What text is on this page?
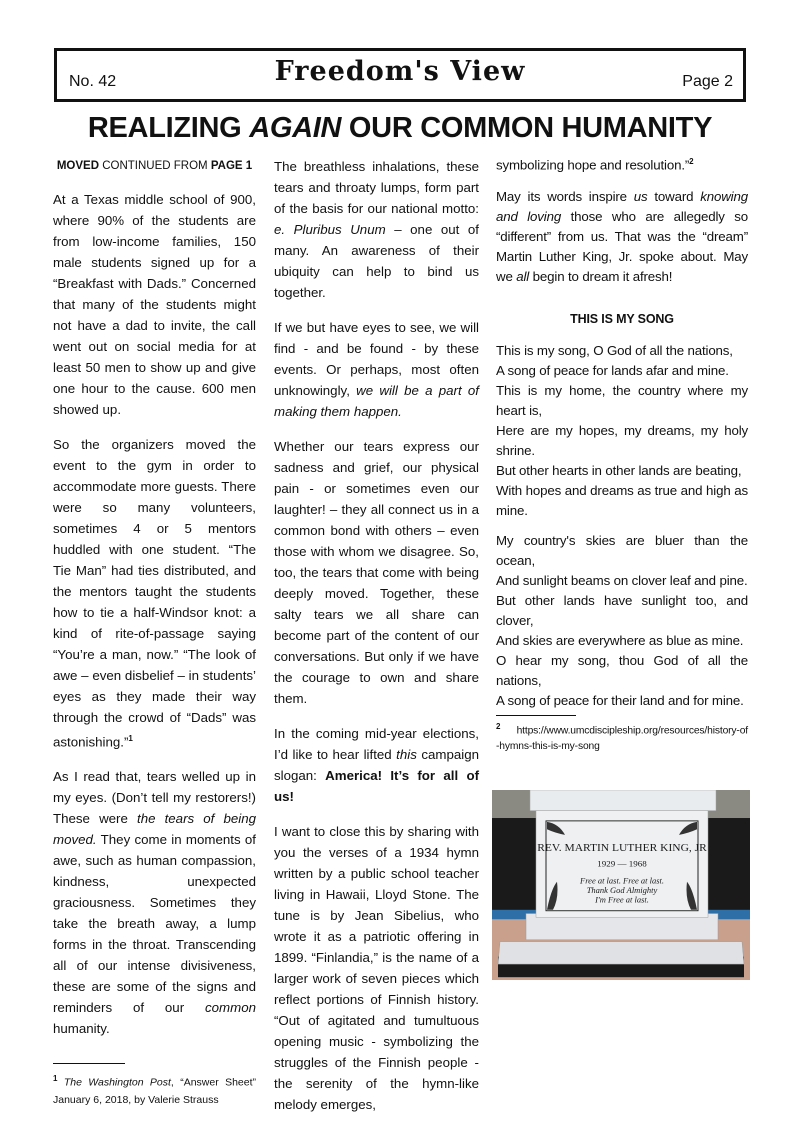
No. 42	Freedom's View	Page 2
REALIZING AGAIN OUR COMMON HUMANITY

MOVED CONTINUED FROM PAGE 1

At a Texas middle school of 900, where 90% of the students are from low-income families, 150 male students signed up for a “Breakfast with Dads.” Concerned that many of the students might not have a dad to invite, the call went out on social media for at least 50 men to show up and give one hour to the cause. 600 men showed up.

So the organizers moved the event to the gym in order to accommodate more guests. There were so many volunteers, sometimes 4 or 5 mentors huddled with one student. “The Tie Man” had ties distributed, and the mentors taught the students how to tie a half-Windsor knot: a kind of rite-of-passage saying “You’re a man, now.” “The look of awe – even disbelief – in students’ eyes as they made their way through the crowd of “Dads” was astonishing.”$^1$

As I read that, tears welled up in my eyes. (Don’t tell my restorers!) These were the tears of being moved. They come in moments of awe, such as human compassion, kindness, unexpected graciousness. Sometimes they take the breath away, a lump forms in the throat. Transcending all of our intense divisiveness, these are some of the signs and reminders of our common humanity.

$^1$ The Washington Post, “Answer Sheet” January 6, 2018, by Valerie Strauss

The breathless inhalations, these tears and throaty lumps, form part of the basis for our national motto: e. Pluribus Unum – one out of many. An awareness of their ubiquity can help to bind us together.

If we but have eyes to see, we will find - and be found - by these events. Or perhaps, most often unknowingly, we will be a part of making them happen.

Whether our tears express our sadness and grief, our physical pain - or sometimes even our laughter! – they all connect us in a common bond with others – even those with whom we disagree. So, too, the tears that come with being deeply moved. Together, these salty tears we all share can become part of the content of our conversations. But only if we have the courage to own and share them.

In the coming mid-year elections, I’d like to hear lifted this campaign slogan: America! It’s for all of us!

I want to close this by sharing with you the verses of a 1934 hymn written by a public school teacher living in Hawaii, Lloyd Stone. The tune is by Jean Sibelius, who wrote it as a patriotic offering in 1899. “Finlandia,” is the name of a larger work of seven pieces which reflect portions of Finnish history. “Out of agitated and tumultuous opening music - symbolizing the struggles of the Finnish people - the serenity of the hymn-like melody emerges,

symbolizing hope and resolution.”$^2$

May its words inspire us toward knowing and loving those who are allegedly so “different” from us. That was the “dream” Martin Luther King, Jr. spoke about. May we all begin to dream it afresh!

THIS IS MY SONG

This is my song, O God of all the nations,
A song of peace for lands afar and mine.
This is my home, the country where my heart is,
Here are my hopes, my dreams, my holy shrine.
But other hearts in other lands are beating,
With hopes and dreams as true and high as mine.
My country's skies are bluer than the ocean,
And sunlight beams on clover leaf and pine.
But other lands have sunlight too, and clover,
And skies are everywhere as blue as mine.
O hear my song, thou God of all the nations,
A song of peace for their land and for mine.
$^2$ https://www.umcdiscipleship.org/resources/history-of-hymns-this-is-my-song
REV. MARTIN LUTHER KING, JR
1929 — 1968
Free at last. Free at last.
Thank God Almighty
I'm Free at last.
